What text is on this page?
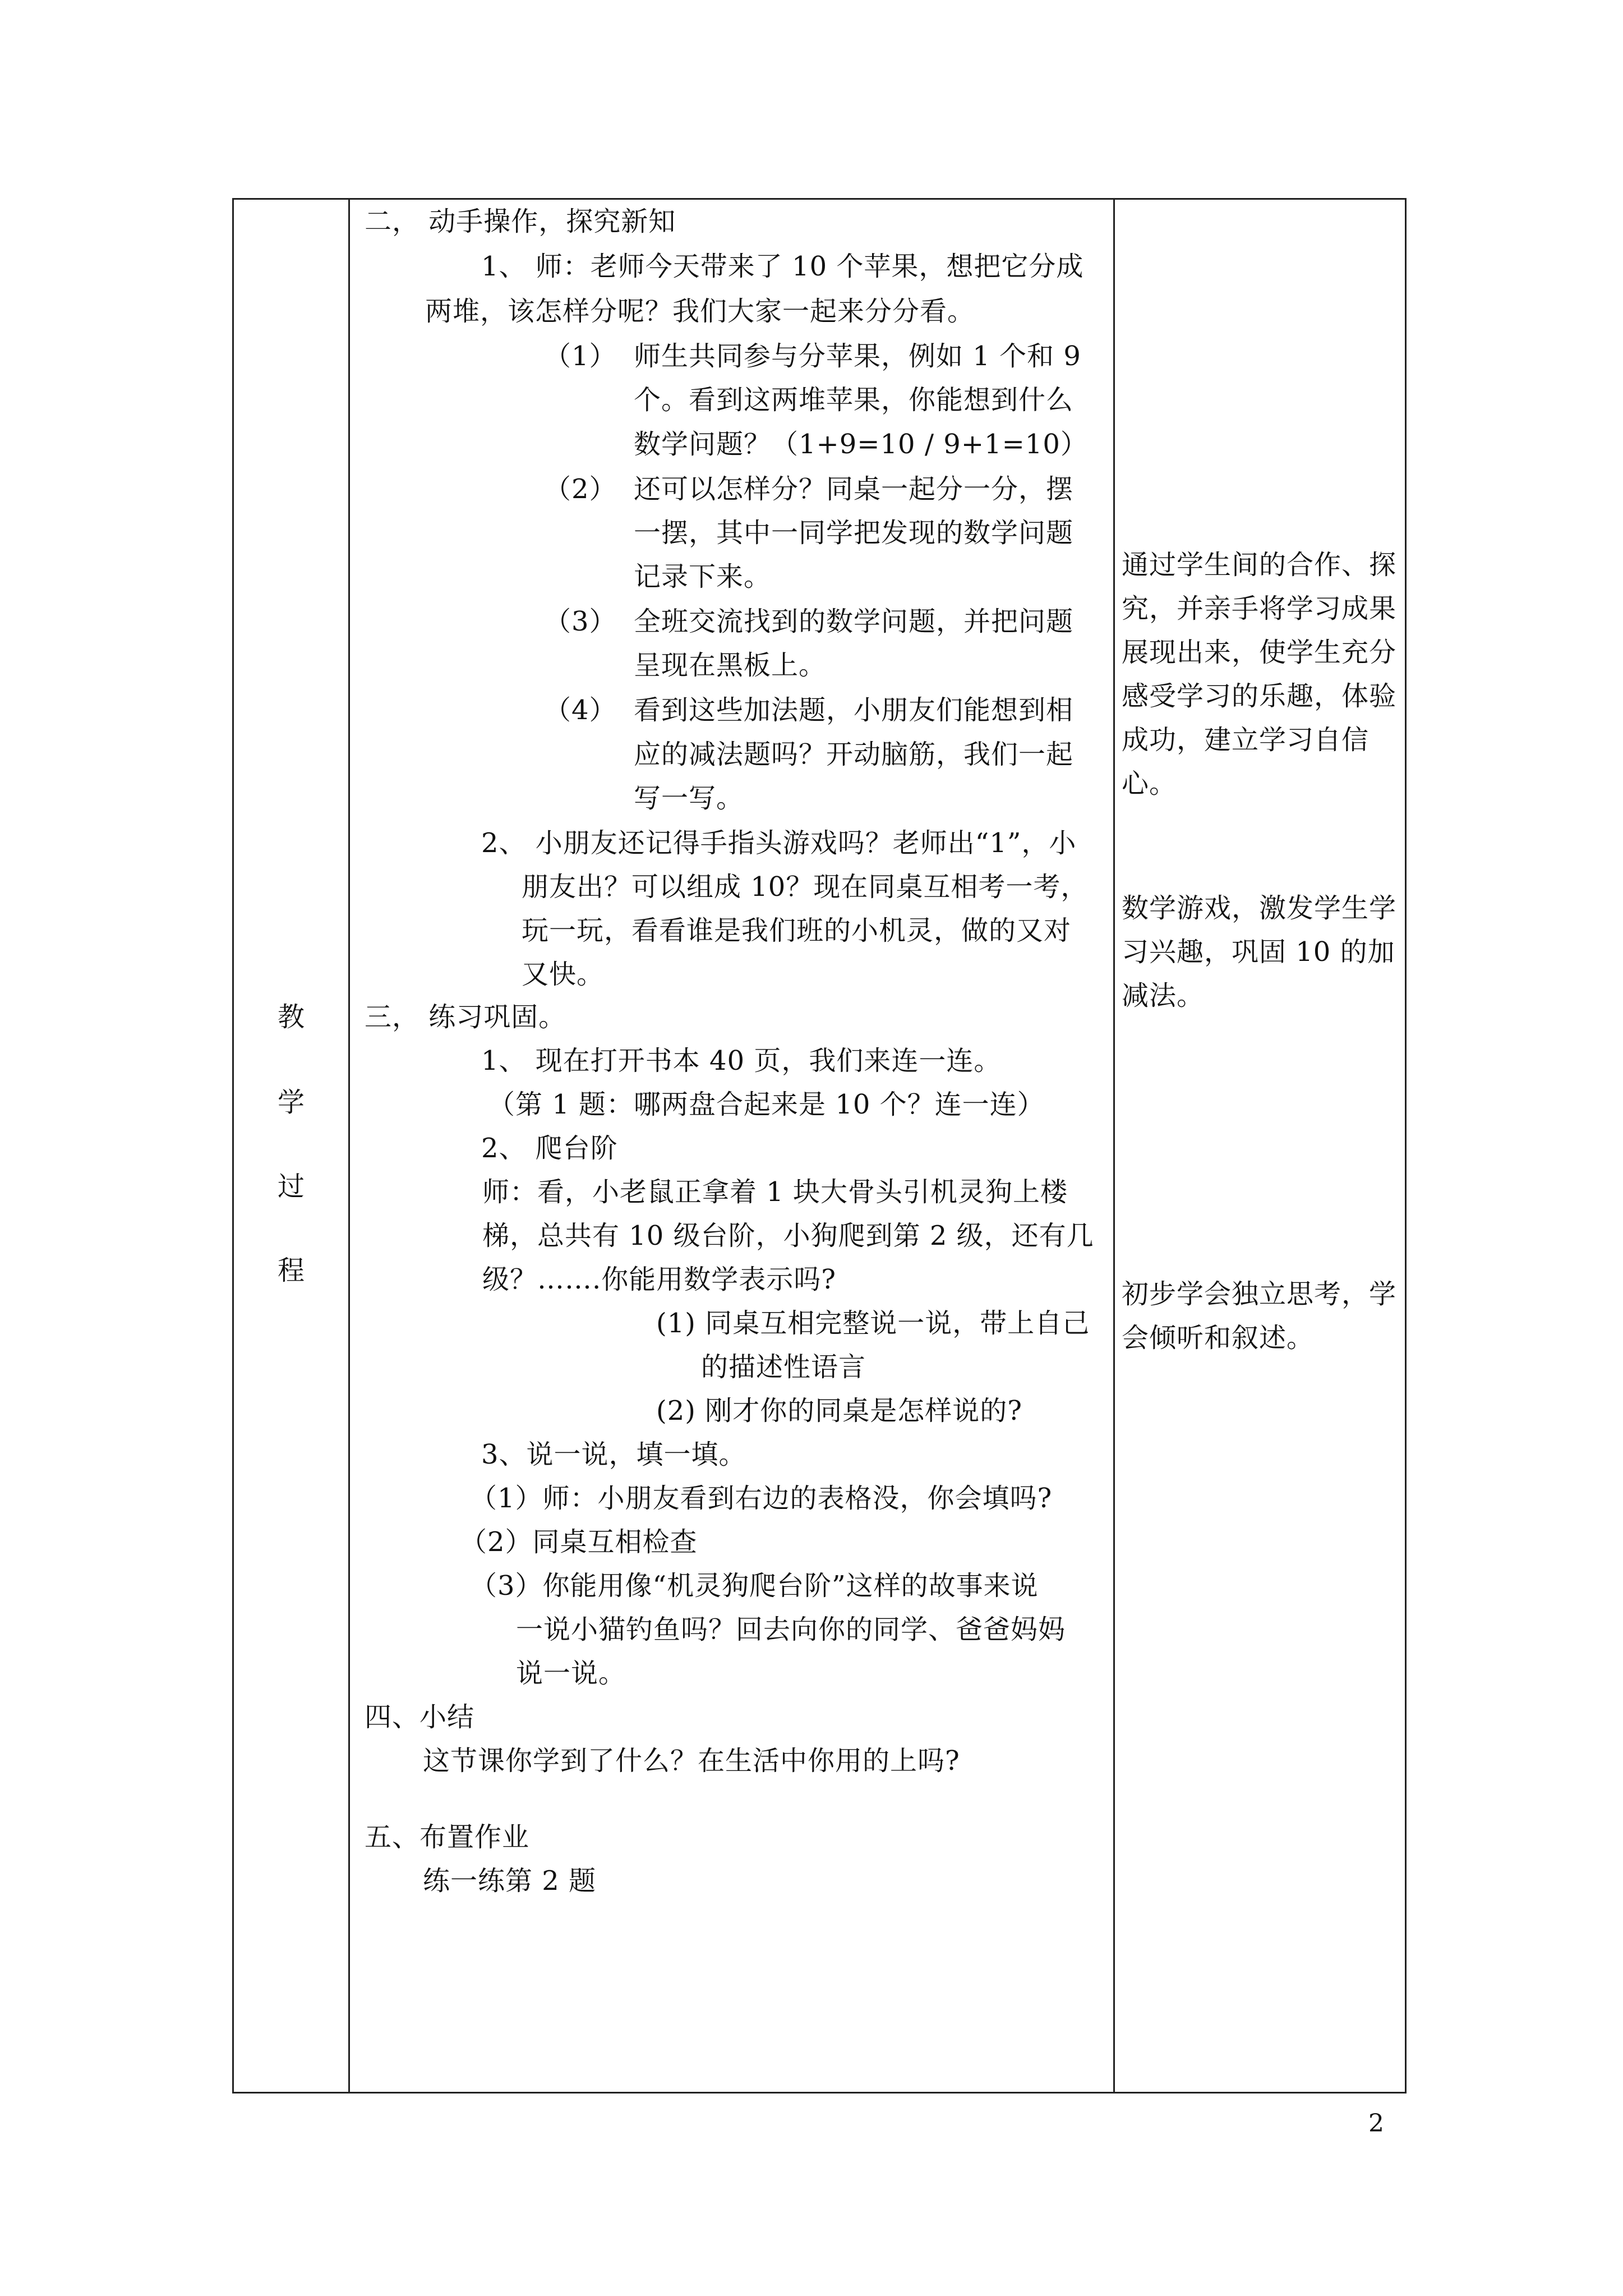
教
学
过
程
二， 动手操作，探究新知
1、 师：老师今天带来了 10 个苹果，想把它分成
两堆，该怎样分呢？我们大家一起来分分看。
（1） 师生共同参与分苹果，例如 1 个和 9
个。看到这两堆苹果，你能想到什么
数学问题？（1+9=10 / 9+1=10）
（2） 还可以怎样分？同桌一起分一分，摆
一摆，其中一同学把发现的数学问题
记录下来。
（3） 全班交流找到的数学问题，并把问题
呈现在黑板上。
（4） 看到这些加法题，小朋友们能想到相
应的减法题吗？开动脑筋，我们一起
写一写。
2、 小朋友还记得手指头游戏吗？老师出“1”，小
朋友出？可以组成 10？现在同桌互相考一考，
玩一玩，看看谁是我们班的小机灵，做的又对
又快。
三， 练习巩固。
1、 现在打开书本 40 页，我们来连一连。
（第 1 题：哪两盘合起来是 10 个？连一连）
2、 爬台阶
师：看，小老鼠正拿着 1 块大骨头引机灵狗上楼
梯，总共有 10 级台阶，小狗爬到第 2 级，还有几
级？…….你能用数学表示吗?
(1) 同桌互相完整说一说，带上自己
的描述性语言
(2) 刚才你的同桌是怎样说的?
3、说一说，填一填。
（1）师：小朋友看到右边的表格没，你会填吗?
（2）同桌互相检查
（3）你能用像“机灵狗爬台阶”这样的故事来说
一说小猫钓鱼吗？回去向你的同学、爸爸妈妈
说一说。
四、小结
这节课你学到了什么？在生活中你用的上吗?
五、布置作业
练一练第 2 题
通过学生间的合作、探究，并亲手将学习成果展现出来，使学生充分感受学习的乐趣，体验成功，建立学习自信心。
数学游戏，激发学生学习兴趣，巩固 10 的加减法。
初步学会独立思考，学会倾听和叙述。
2
